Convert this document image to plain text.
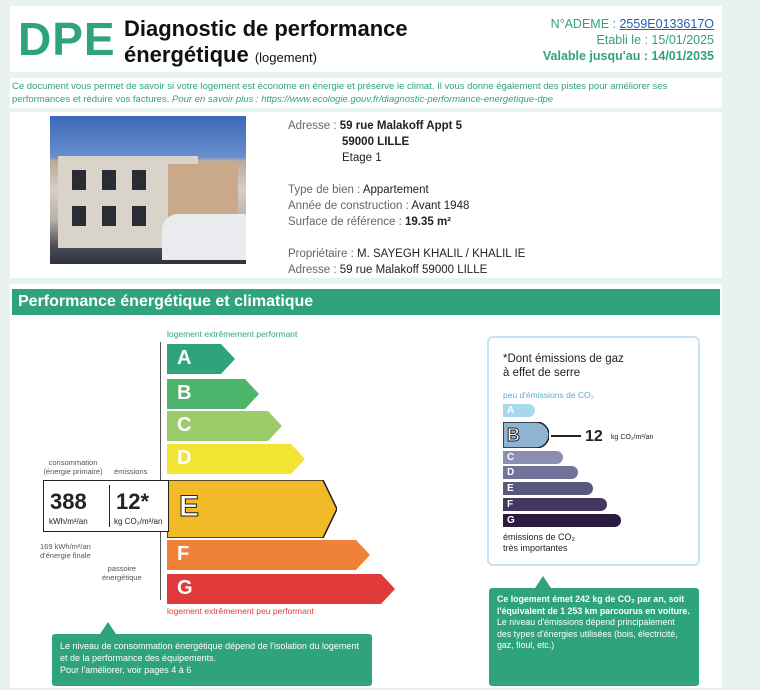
DPE Diagnostic de performance
énergétique (logement)
N°ADEME : 2559E0133617O
Etabli le : 15/01/2025
Valable jusqu'au : 14/01/2035
Ce document vous permet de savoir si votre logement est économe en énergie et préserve le climat. Il vous donne également des pistes pour améliorer ses performances et réduire vos factures. Pour en savoir plus : https://www.ecologie.gouv.fr/diagnostic-performance-energetique-dpe
Adresse : 59 rue Malakoff Appt 5
59000 LILLE
Etage 1
Type de bien : Appartement
Année de construction : Avant 1948
Surface de référence : 19.35 m²
Propriétaire : M. SAYEGH KHALIL / KHALIL IE
Adresse : 59 rue Malakoff 59000 LILLE
Performance énergétique et climatique
logement extrêmement performant
A
B
C
D
E
F
G
consommation
(énergie primaire)	émissions
388
kWh/m²/an
12*
kg CO₂/m²/an
169 kWh/m²/an
d'énergie finale
passoire
énergétique
logement extrêmement peu performant
Le niveau de consommation énergétique dépend de l'isolation du logement et de la performance des équipements.
Pour l'améliorer, voir pages 4 à 6
*Dont émissions de gaz
à effet de serre
peu d'émissions de CO₂
A
B
C
D
E
F
G
12 kg CO₂/m²/an
émissions de CO₂
très importantes
Ce logement émet 242 kg de CO₂ par an, soit l'équivalent de 1 253 km parcourus en voiture.
Le niveau d'émissions dépend principalement des types d'énergies utilisées (bois, électricité, gaz, fioul, etc.)
